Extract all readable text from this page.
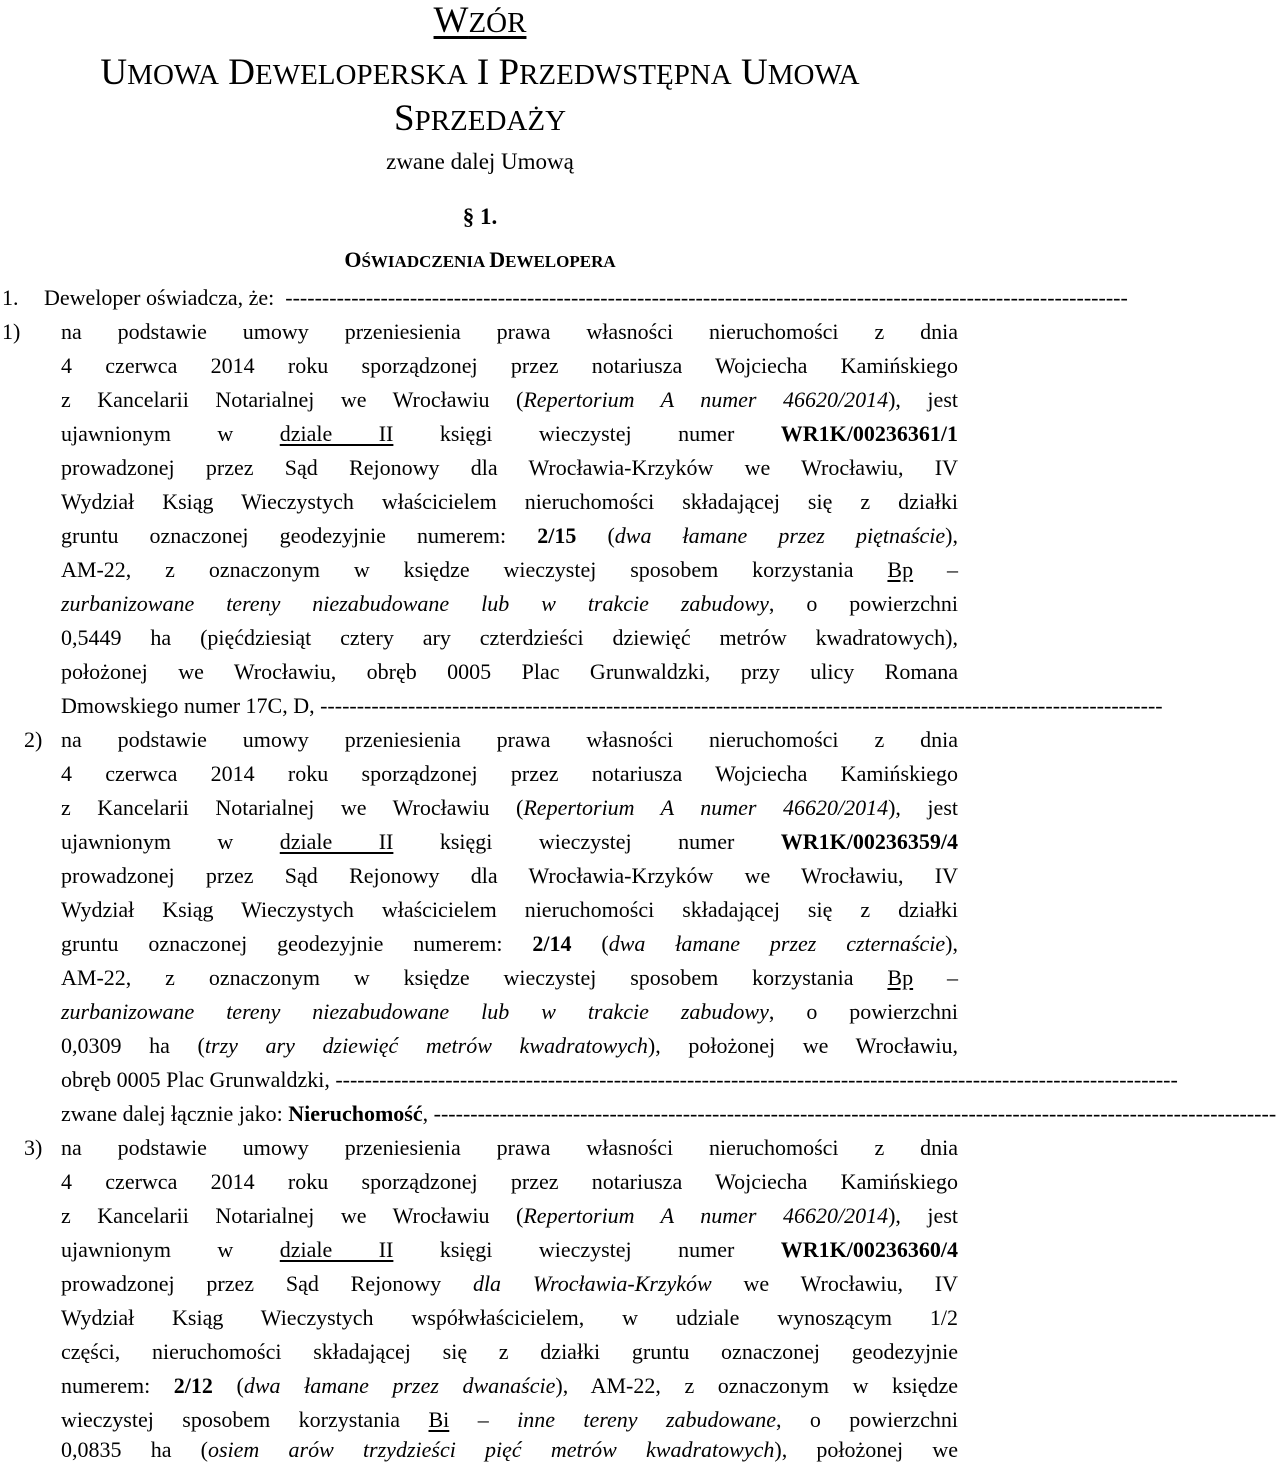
WZÓR
UMOWA DEWELOPERSKA I PRZEDWSTĘPNA UMOWA
SPRZEDAŻY
zwane dalej Umową
§ 1.
OŚWIADCZENIA DEWELOPERA
1. Deweloper oświadcza, że: -------------------------------------------------------------------------------------------------------------------
1) na podstawie umowy przeniesienia prawa własności nieruchomości z dnia
4 czerwca 2014 roku sporządzonej przez notariusza Wojciecha Kamińskiego
z Kancelarii Notarialnej we Wrocławiu (Repertorium A numer 46620/2014), jest
ujawnionym w dziale II księgi wieczystej numer WR1K/00236361/1
prowadzonej przez Sąd Rejonowy dla Wrocławia-Krzyków we Wrocławiu, IV
Wydział Ksiąg Wieczystych właścicielem nieruchomości składającej się z działki
gruntu oznaczonej geodezyjnie numerem: 2/15 (dwa łamane przez piętnaście),
AM-22, z oznaczonym w księdze wieczystej sposobem korzystania Bp –
zurbanizowane tereny niezabudowane lub w trakcie zabudowy, o powierzchni
0,5449 ha (pięćdziesiąt cztery ary czterdzieści dziewięć metrów kwadratowych),
położonej we Wrocławiu, obręb 0005 Plac Grunwaldzki, przy ulicy Romana
Dmowskiego numer 17C, D, -------------------------------------------------------------------------------------------------------------------
2) na podstawie umowy przeniesienia prawa własności nieruchomości z dnia
4 czerwca 2014 roku sporządzonej przez notariusza Wojciecha Kamińskiego
z Kancelarii Notarialnej we Wrocławiu (Repertorium A numer 46620/2014), jest
ujawnionym w dziale II księgi wieczystej numer WR1K/00236359/4
prowadzonej przez Sąd Rejonowy dla Wrocławia-Krzyków we Wrocławiu, IV
Wydział Ksiąg Wieczystych właścicielem nieruchomości składającej się z działki
gruntu oznaczonej geodezyjnie numerem: 2/14 (dwa łamane przez czternaście),
AM-22, z oznaczonym w księdze wieczystej sposobem korzystania Bp –
zurbanizowane tereny niezabudowane lub w trakcie zabudowy, o powierzchni
0,0309 ha (trzy ary dziewięć metrów kwadratowych), położonej we Wrocławiu,
obręb 0005 Plac Grunwaldzki, -------------------------------------------------------------------------------------------------------------------
zwane dalej łącznie jako: Nieruchomość, -------------------------------------------------------------------------------------------------------------------
3) na podstawie umowy przeniesienia prawa własności nieruchomości z dnia
4 czerwca 2014 roku sporządzonej przez notariusza Wojciecha Kamińskiego
z Kancelarii Notarialnej we Wrocławiu (Repertorium A numer 46620/2014), jest
ujawnionym w dziale II księgi wieczystej numer WR1K/00236360/4
prowadzonej przez Sąd Rejonowy dla Wrocławia-Krzyków we Wrocławiu, IV
Wydział Ksiąg Wieczystych współwłaścicielem, w udziale wynoszącym 1/2
części, nieruchomości składającej się z działki gruntu oznaczonej geodezyjnie
numerem: 2/12 (dwa łamane przez dwanaście), AM-22, z oznaczonym w księdze
wieczystej sposobem korzystania Bi – inne tereny zabudowane, o powierzchni
0,0835 ha (osiem arów trzydzieści pięć metrów kwadratowych), położonej we
